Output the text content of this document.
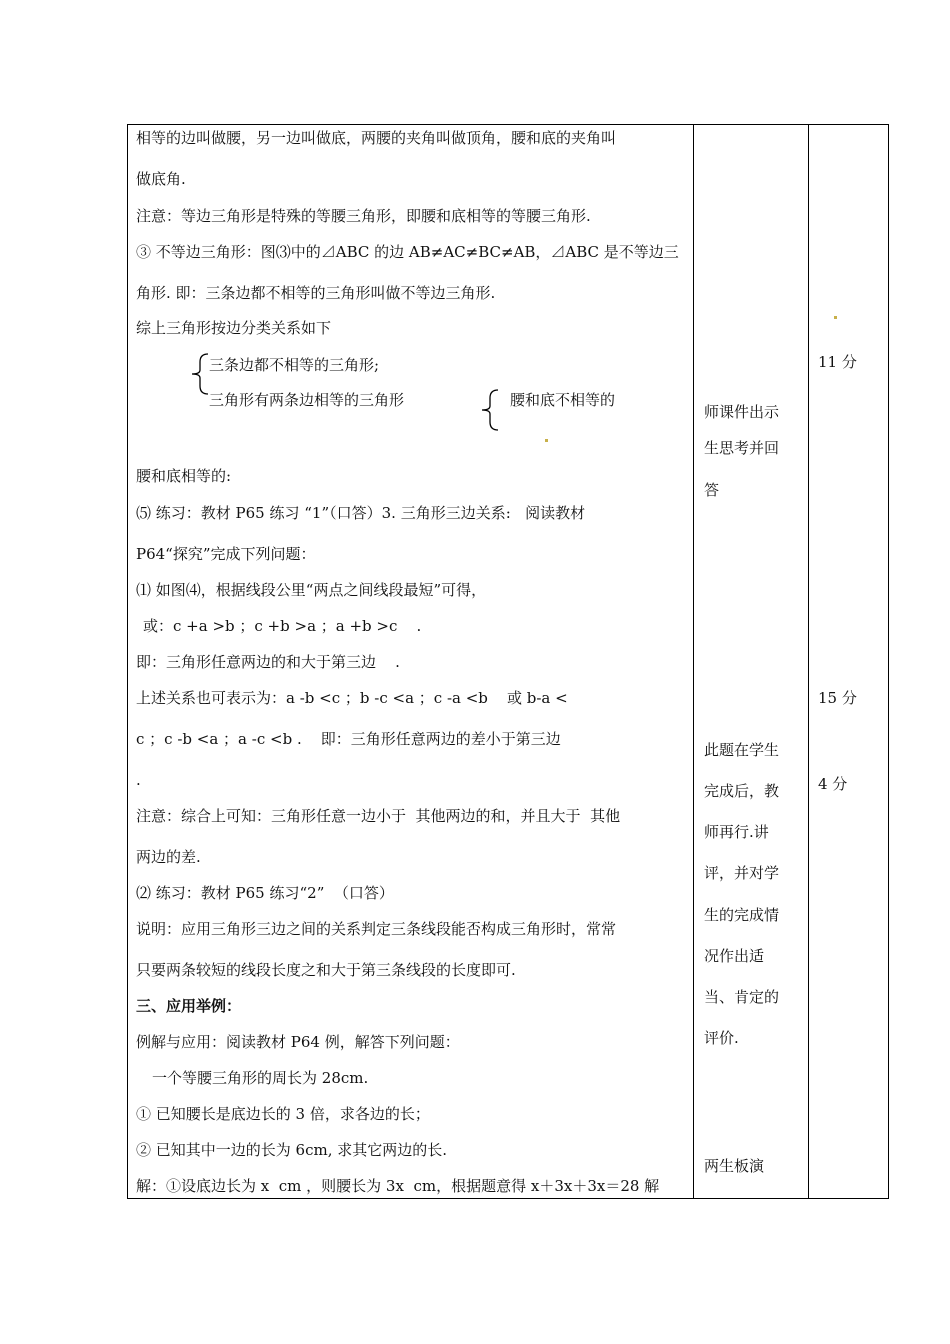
相等的边叫做腰，另一边叫做底，两腰的夹角叫做顶角，腰和底的夹角叫
做底角.
注意：等边三角形是特殊的等腰三角形，即腰和底相等的等腰三角形.
③ 不等边三角形：图⑶中的⊿ABC 的边 AB≠AC≠BC≠AB，⊿ABC 是不等边三
角形. 即：三条边都不相等的三角形叫做不等边三角形.
综上三角形按边分类关系如下
三条边都不相等的三角形;
三角形有两条边相等的三角形	腰和底不相等的
腰和底相等的:
⑸ 练习：教材 P65 练习 “1”（口答）3. 三角形三边关系:   阅读教材
P64“探究”完成下列问题：
⑴ 如图⑷，根据线段公里“两点之间线段最短”可得，
或：c +a >b ；c +b >a ；a +b >c    .
即：三角形任意两边的和大于第三边    .
上述关系也可表示为：a -b <c ；b -c <a ；c -a <b    或 b-a <
c ；c -b <a ；a -c <b .    即：三角形任意两边的差小于第三边
.
注意：综合上可知：三角形任意一边小于  其他两边的和，并且大于  其他
两边的差.
⑵ 练习：教材 P65 练习“2”  （口答）
说明：应用三角形三边之间的关系判定三条线段能否构成三角形时，常常
只要两条较短的线段长度之和大于第三条线段的长度即可.
三、应用举例：
例解与应用：阅读教材 P64 例，解答下列问题：
一个等腰三角形的周长为 28cm.
① 已知腰长是底边长的 3 倍，求各边的长；
② 已知其中一边的长为 6cm, 求其它两边的长.
解：①设底边长为 x  cm ，则腰长为 3x  cm，根据题意得 x＋3x＋3x＝28 解
师课件出示
生思考并回
答
此题在学生
完成后，教
师再行.讲
评，并对学
生的完成情
况作出适
当、肯定的
评价.
两生板演
11 分
15 分
4 分
